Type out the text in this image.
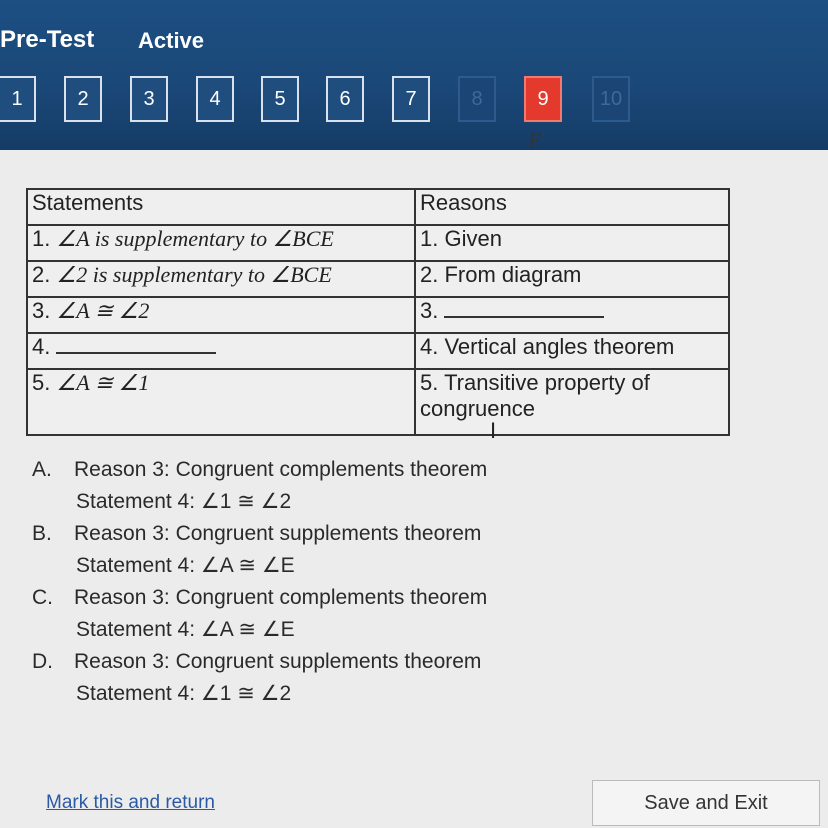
Pre-Test Active
1	2	3	4	5	6	7	8	9	10
E
Statements	Reasons
1. ∠A is supplementary to ∠BCE	1. Given
2. ∠2 is supplementary to ∠BCE	2. From diagram
3. ∠A ≅ ∠2	3.
4.	4. Vertical angles theorem
5. ∠A ≅ ∠1	5. Transitive property of congruence
I
A. Reason 3: Congruent complements theorem
Statement 4: ∠1 ≅ ∠2
B. Reason 3: Congruent supplements theorem
Statement 4: ∠A ≅ ∠E
C. Reason 3: Congruent complements theorem
Statement 4: ∠A ≅ ∠E
D. Reason 3: Congruent supplements theorem
Statement 4: ∠1 ≅ ∠2
Mark this and return	Save and Exit
